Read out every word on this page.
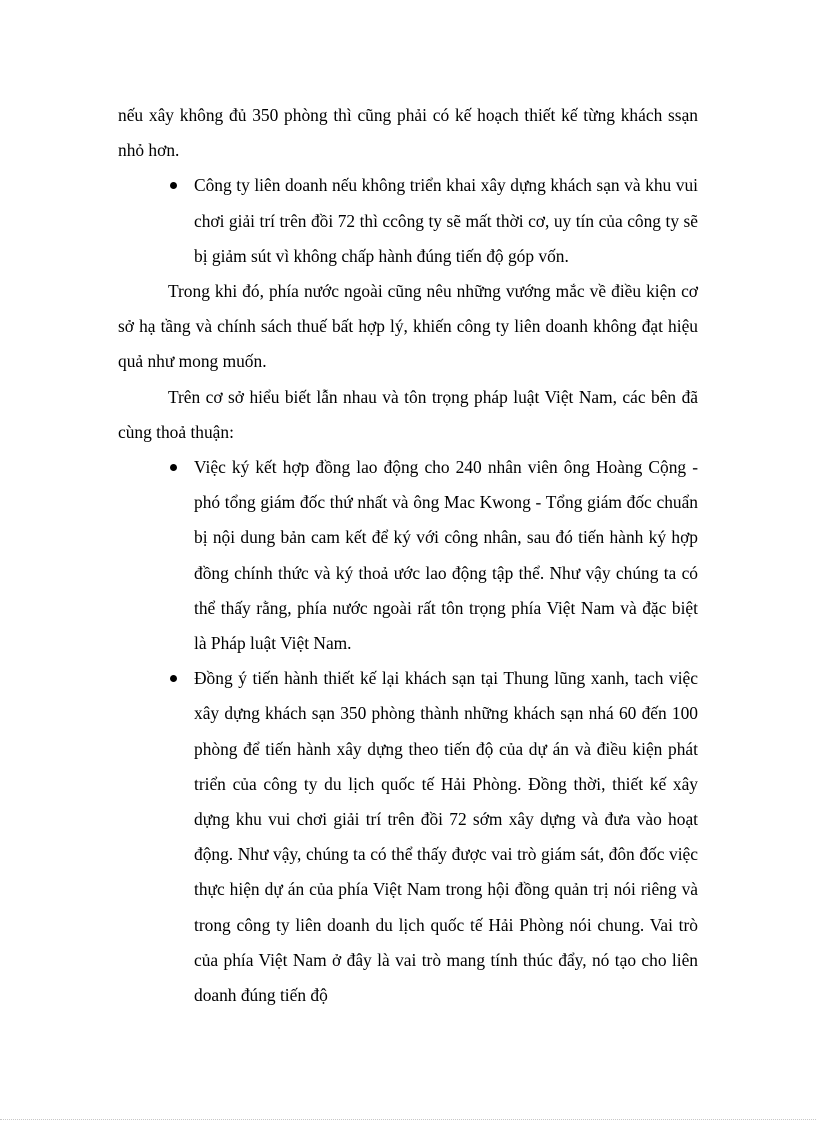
nếu xây không đủ 350 phòng thì cũng phải có kế hoạch thiết kế từng khách ssạn nhỏ hơn.

Công ty liên doanh nếu không triển khai xây dựng khách sạn và khu vui chơi giải trí trên đồi 72 thì ccông ty sẽ mất thời cơ, uy tín của công ty sẽ bị giảm sút vì không chấp hành đúng tiến độ góp vốn.

Trong khi đó, phía nước ngoài cũng nêu những vướng mắc về điều kiện cơ sở hạ tầng và chính sách thuế bất hợp lý, khiến công ty liên doanh không đạt hiệu quả như mong muốn.

Trên cơ sở hiểu biết lẫn nhau và tôn trọng pháp luật Việt Nam, các bên đã cùng thoả thuận:

Việc ký kết hợp đồng lao động cho 240 nhân viên ông Hoàng Cộng - phó tổng giám đốc thứ nhất và ông Mac Kwong - Tổng giám đốc chuẩn bị nội dung bản cam kết để ký với công nhân, sau đó tiến hành ký hợp đồng chính thức và ký thoả ước lao động tập thể. Như vậy chúng ta có thể thấy rằng, phía nước ngoài rất tôn trọng phía Việt Nam và đặc biệt là Pháp luật Việt Nam.
Đồng ý tiến hành thiết kế lại khách sạn tại Thung lũng xanh, tach việc xây dựng khách sạn 350 phòng thành những khách sạn nhá 60 đến 100 phòng để tiến hành xây dựng theo tiến độ của dự án và điều kiện phát triển của công ty du lịch quốc tế Hải Phòng. Đồng thời, thiết kế xây dựng khu vui chơi giải trí trên đồi 72 sớm xây dựng và đưa vào hoạt động. Như vậy, chúng ta có thể thấy được vai trò giám sát, đôn đốc việc thực hiện dự án của phía Việt Nam trong hội đồng quản trị nói riêng và trong công ty liên doanh du lịch quốc tế Hải Phòng nói chung. Vai trò của phía Việt Nam ở đây là vai trò mang tính thúc đẩy, nó tạo cho liên doanh đúng tiến độ
